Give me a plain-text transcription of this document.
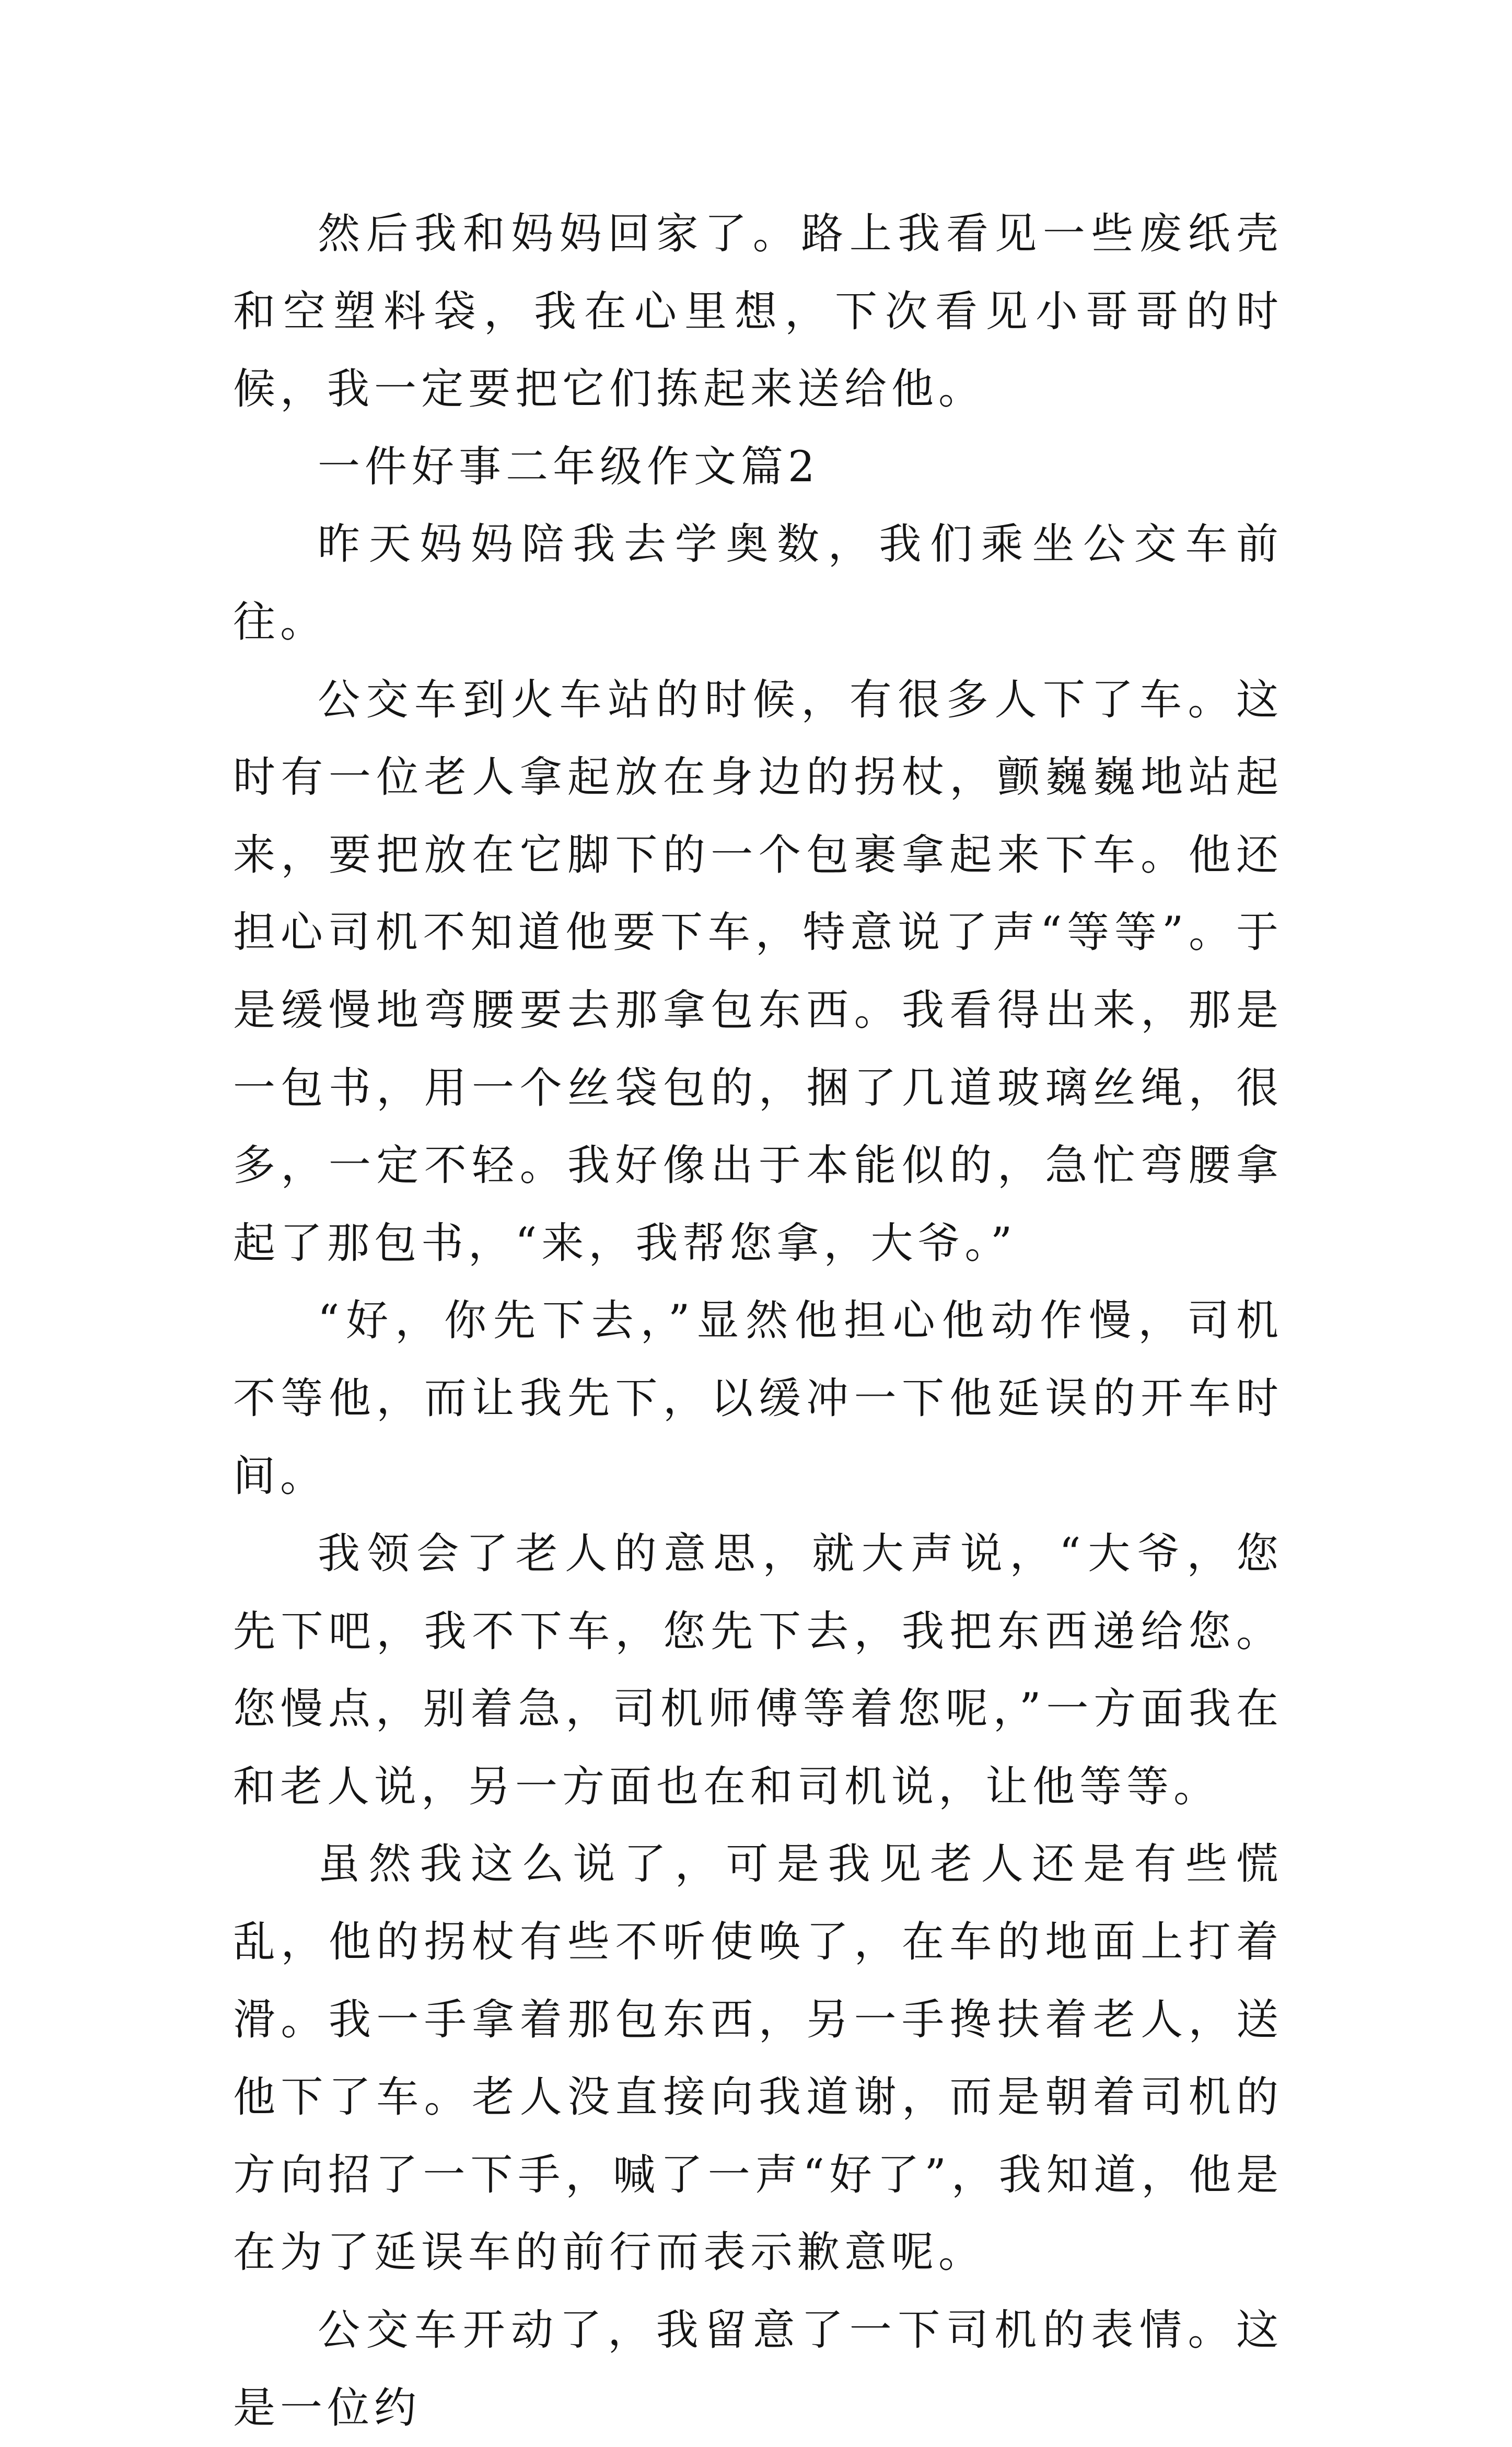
然后我和妈妈回家了。路上我看见一些废纸壳和空塑料袋，我在心里想，下次看见小哥哥的时候，我一定要把它们拣起来送给他。

一件好事二年级作文篇2

昨天妈妈陪我去学奥数，我们乘坐公交车前往。

公交车到火车站的时候，有很多人下了车。这时有一位老人拿起放在身边的拐杖，颤巍巍地站起来，要把放在它脚下的一个包裹拿起来下车。他还担心司机不知道他要下车，特意说了声“等等”。于是缓慢地弯腰要去那拿包东西。我看得出来，那是一包书，用一个丝袋包的，捆了几道玻璃丝绳，很多，一定不轻。我好像出于本能似的，急忙弯腰拿起了那包书，“来，我帮您拿，大爷。”

“好，你先下去，”显然他担心他动作慢，司机不等他，而让我先下，以缓冲一下他延误的开车时间。

我领会了老人的意思，就大声说，“大爷，您先下吧，我不下车，您先下去，我把东西递给您。您慢点，别着急，司机师傅等着您呢，”一方面我在和老人说，另一方面也在和司机说，让他等等。

虽然我这么说了，可是我见老人还是有些慌乱，他的拐杖有些不听使唤了，在车的地面上打着滑。我一手拿着那包东西，另一手搀扶着老人，送他下了车。老人没直接向我道谢，而是朝着司机的方向招了一下手，喊了一声“好了”，我知道，他是在为了延误车的前行而表示歉意呢。

公交车开动了，我留意了一下司机的表情。这是一位约
